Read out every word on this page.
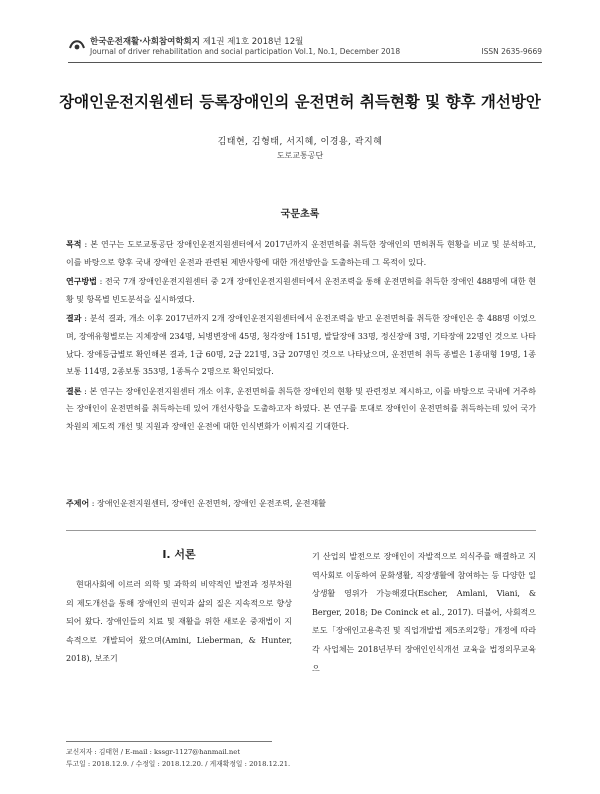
한국운전재활·사회참여학회지 제1권 제1호 2018년 12월
Journal of driver rehabilitation and social participation Vol.1, No.1, December 2018	ISSN 2635-9669
장애인운전지원센터 등록장애인의 운전면허 취득현황 및 향후 개선방안
김태현, 김형태, 서지혜, 이경용, 곽지혜
도로교통공단
국문초록

목적 : 본 연구는 도로교통공단 장애인운전지원센터에서 2017년까지 운전면허를 취득한 장애인의 면허취득 현황을 비교 및 분석하고, 이를 바탕으로 향후 국내 장애인 운전과 관련된 제반사항에 대한 개선방안을 도출하는데 그 목적이 있다.

연구방법 : 전국 7개 장애인운전지원센터 중 2개 장애인운전지원센터에서 운전조력을 통해 운전면허를 취득한 장애인 488명에 대한 현황 및 항목별 빈도분석을 실시하였다.

결과 : 분석 결과, 개소 이후 2017년까지 2개 장애인운전지원센터에서 운전조력을 받고 운전면허를 취득한 장애인은 총 488명 이었으며, 장애유형별로는 지체장애 234명, 뇌병변장애 45명, 청각장애 151명, 발달장애 33명, 정신장애 3명, 기타장애 22명인 것으로 나타났다. 장애등급별로 확인해본 결과, 1급 60명, 2급 221명, 3급 207명인 것으로 나타났으며, 운전면허 취득 종별은 1종대형 19명, 1종보통 114명, 2종보통 353명, 1종특수 2명으로 확인되었다.

결론 : 본 연구는 장애인운전지원센터 개소 이후, 운전면허를 취득한 장애인의 현황 및 관련정보 제시하고, 이를 바탕으로 국내에 거주하는 장애인이 운전면허를 취득하는데 있어 개선사항을 도출하고자 하였다. 본 연구를 토대로 장애인이 운전면허를 취득하는데 있어 국가차원의 제도적 개선 및 지원과 장애인 운전에 대한 인식변화가 이뤄지길 기대한다.

주제어 : 장애인운전지원센터, 장애인 운전면허, 장애인 운전조력, 운전재활
Ⅰ. 서론

현대사회에 이르러 의학 및 과학의 비약적인 발전과 정부차원의 제도개선을 통해 장애인의 권익과 삶의 질은 지속적으로 향상되어 왔다. 장애인들의 치료 및 재활을 위한 새로운 중재법이 지속적으로 개발되어 왔으며(Amini, Lieberman, & Hunter, 2018), 보조기

기 산업의 발전으로 장애인이 자발적으로 의식주를 해결하고 지역사회로 이동하여 문화생활, 직장생활에 참여하는 등 다양한 일상생활 영위가 가능해졌다(Escher, Amlani, Viani, & Berger, 2018; De Coninck et al., 2017). 더불어, 사회적으로도「장애인고용촉진 및 직업개발법 제5조의2항」개정에 따라 각 사업체는 2018년부터 장애인인식개선 교육을 법정의무교육으

교신저자 : 김태현 / E-mail : kssgr-1127@hanmail.net

투고일 : 2018.12.9. / 수정일 : 2018.12.20. / 게재확정일 : 2018.12.21.
